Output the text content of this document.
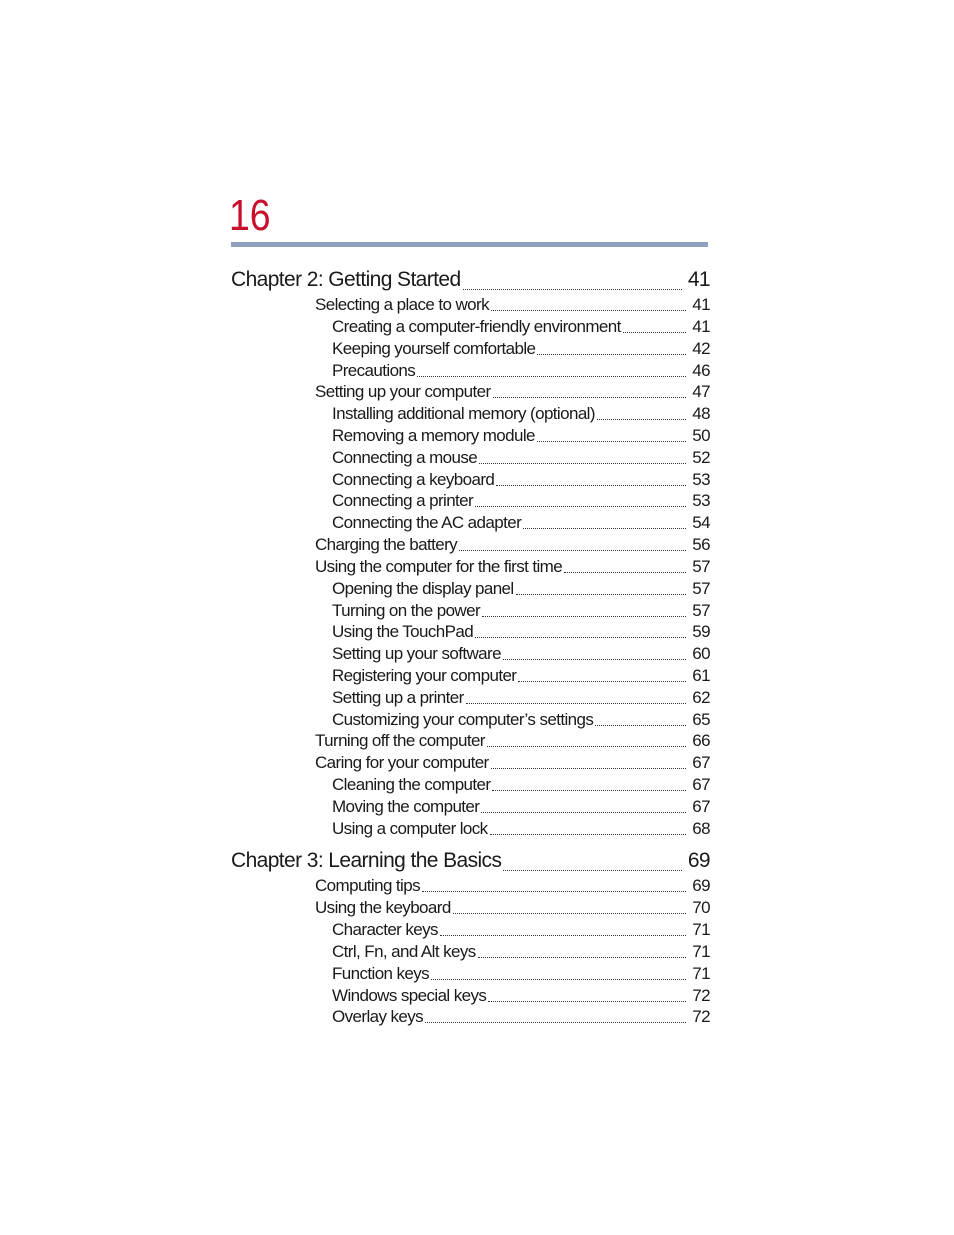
16
Chapter 2: Getting Started	41
Selecting a place to work	41
Creating a computer-friendly environment	41
Keeping yourself comfortable	42
Precautions	46
Setting up your computer	47
Installing additional memory (optional)	48
Removing a memory module	50
Connecting a mouse	52
Connecting a keyboard	53
Connecting a printer	53
Connecting the AC adapter	54
Charging the battery	56
Using the computer for the first time	57
Opening the display panel	57
Turning on the power	57
Using the TouchPad	59
Setting up your software	60
Registering your computer	61
Setting up a printer	62
Customizing your computer’s settings	65
Turning off the computer	66
Caring for your computer	67
Cleaning the computer	67
Moving the computer	67
Using a computer lock	68
Chapter 3: Learning the Basics	69
Computing tips	69
Using the keyboard	70
Character keys	71
Ctrl, Fn, and Alt keys	71
Function keys	71
Windows special keys	72
Overlay keys	72
